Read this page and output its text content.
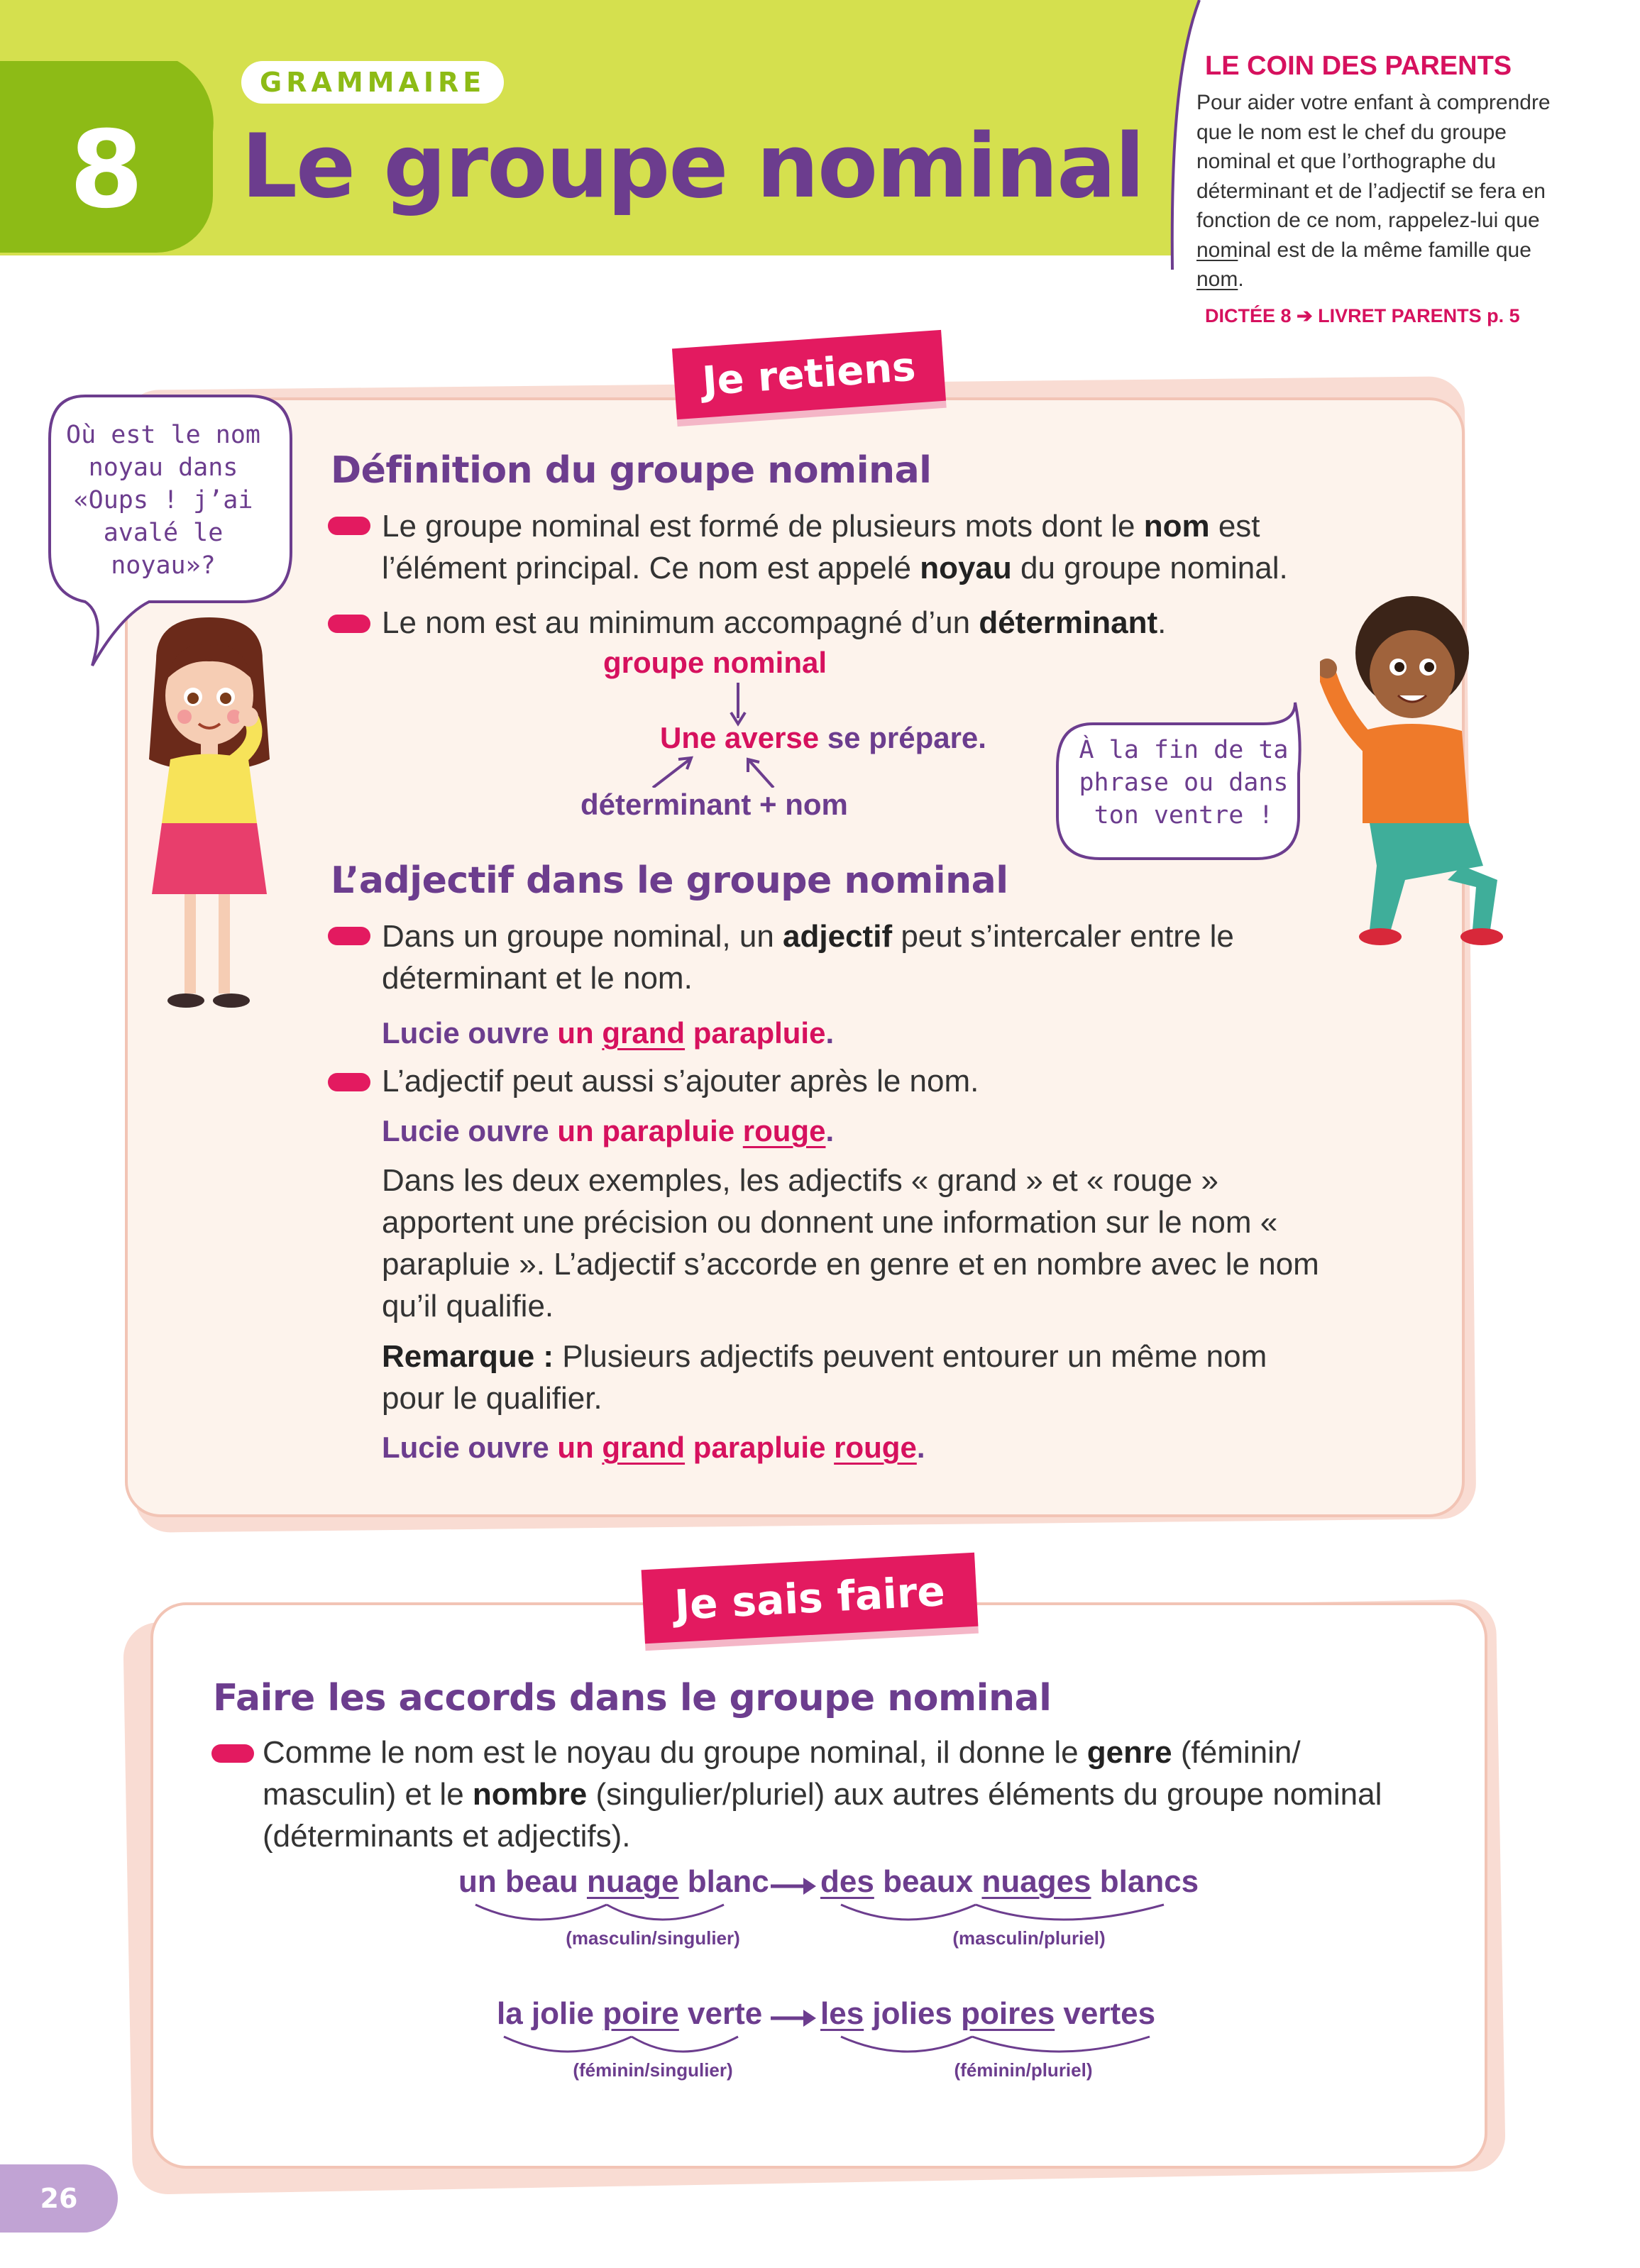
8
GRAMMAIRE
Le groupe nominal
LE COIN DES PARENTS
Pour aider votre enfant à comprendre que le nom est le chef du groupe nominal et que l’orthographe du déterminant et de l’adjectif se fera en fonction de ce nom, rappelez-lui que nominal est de la même famille que nom.
DICTÉE 8 ➔ LIVRET PARENTS p. 5
Je retiens
Où est le nom noyau dans «Oups ! j’ai avalé le noyau»?
À la fin de ta phrase ou dans ton ventre !
Définition du groupe nominal
Le groupe nominal est formé de plusieurs mots dont le nom est l’élément principal. Ce nom est appelé noyau du groupe nominal.
Le nom est au minimum accompagné d’un déterminant.
groupe nominal
Une averse se prépare.
déterminant + nom
L’adjectif dans le groupe nominal
Dans un groupe nominal, un adjectif peut s’intercaler entre le déterminant et le nom.
Lucie ouvre un grand parapluie.
L’adjectif peut aussi s’ajouter après le nom.
Lucie ouvre un parapluie rouge.
Dans les deux exemples, les adjectifs « grand » et « rouge » apportent une précision ou donnent une information sur le nom « parapluie ». L’adjectif s’accorde en genre et en nombre avec le nom qu’il qualifie.
Remarque : Plusieurs adjectifs peuvent entourer un même nom pour le qualifier.
Lucie ouvre un grand parapluie rouge.
Je sais faire
Faire les accords dans le groupe nominal
Comme le nom est le noyau du groupe nominal, il donne le genre (féminin/ masculin) et le nombre (singulier/pluriel) aux autres éléments du groupe nominal (déterminants et adjectifs).
un beau nuage blanc des beaux nuages blancs
(masculin/singulier)	(masculin/pluriel)
la jolie poire verte les jolies poires vertes
(féminin/singulier)	(féminin/pluriel)
26
